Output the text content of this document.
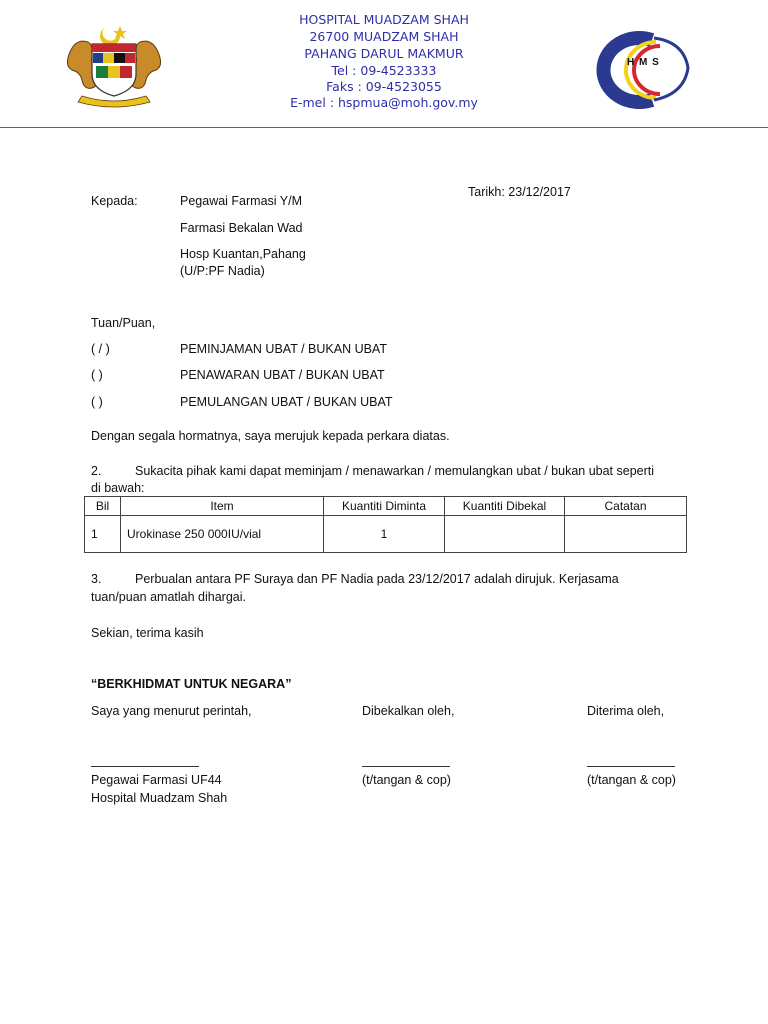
HOSPITAL MUADZAM SHAH
26700 MUADZAM SHAH
PAHANG DARUL MAKMUR
Tel : 09-4523333
Faks : 09-4523055
E-mel : hspmua@moh.gov.my
H M S
Tarikh: 23/12/2017
Kepada:	Pegawai Farmasi Y/M
Farmasi Bekalan Wad
Hosp Kuantan,Pahang
(U/P:PF Nadia)
Tuan/Puan,
( / )	PEMINJAMAN UBAT / BUKAN UBAT
( )	PENAWARAN UBAT / BUKAN UBAT
( )	PEMULANGAN UBAT / BUKAN UBAT
Dengan segala hormatnya, saya merujuk kepada perkara diatas.
2.	Sukacita pihak kami dapat meminjam / menawarkan / memulangkan ubat / bukan ubat seperti
di bawah:
Bil	Item	Kuantiti Diminta	Kuantiti Dibekal	Catatan
1	Urokinase 250 000IU/vial	1		
3.	Perbualan antara PF Suraya dan PF Nadia pada 23/12/2017 adalah dirujuk. Kerjasama
tuan/puan amatlah dihargai.
Sekian, terima kasih
“BERKHIDMAT UNTUK NEGARA”
Saya yang menurut perintah,	Dibekalkan oleh,	Diterima oleh,
Pegawai Farmasi UF44
Hospital Muadzam Shah
(t/tangan & cop)	(t/tangan & cop)
